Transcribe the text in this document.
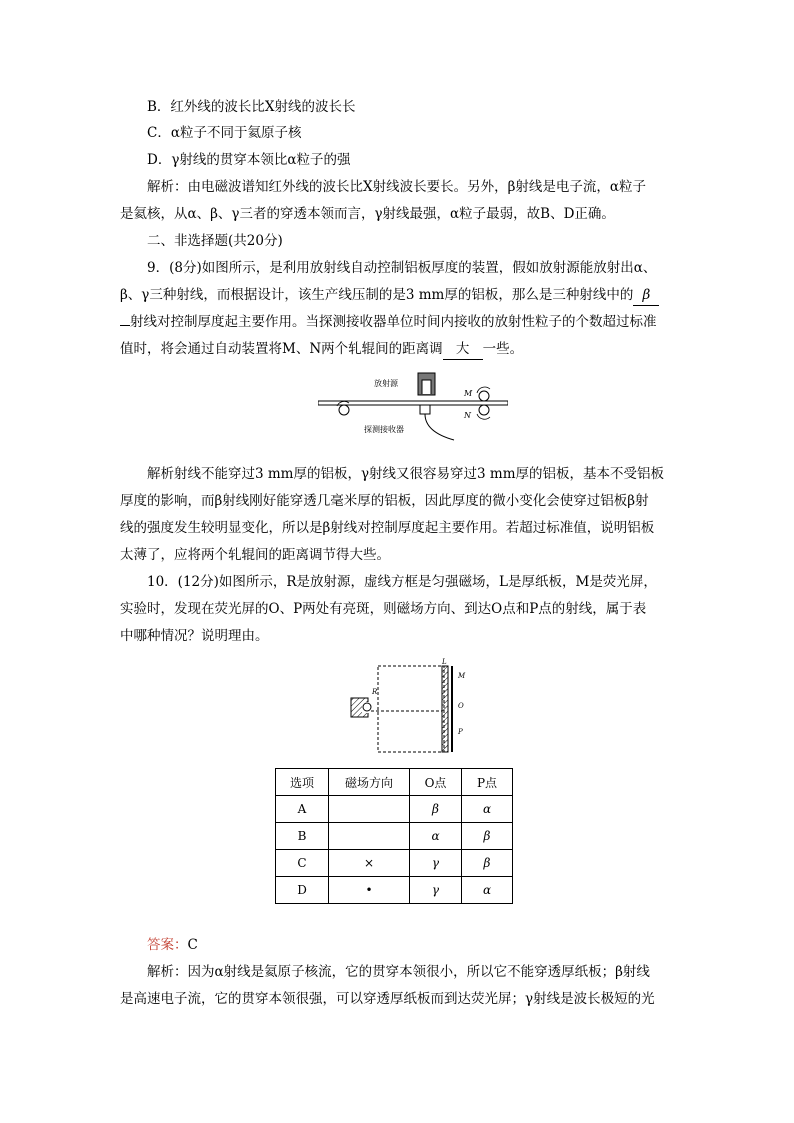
B．红外线的波长比X射线的波长长
C．α粒子不同于氦原子核
D．γ射线的贯穿本领比α粒子的强
解析：由电磁波谱知红外线的波长比X射线波长要长。另外，β射线是电子流，α粒子
是氦核，从α、β、γ三者的穿透本领而言，γ射线最强，α粒子最弱，故B、D正确。
二、非选择题(共20分)
9．(8分)如图所示，是利用放射线自动控制铝板厚度的装置，假如放射源能放射出α、
β、γ三种射线，而根据设计，该生产线压制的是3 mm厚的铝板，那么是三种射线中的 β
射线对控制厚度起主要作用。当探测接收器单位时间内接收的放射性粒子的个数超过标准
值时，将会通过自动装置将M、N两个轧辊间的距离调 大 一些。
放射源
探测接收器
M
N
解析射线不能穿过3 mm厚的铝板，γ射线又很容易穿过3 mm厚的铝板，基本不受铝板
厚度的影响，而β射线刚好能穿透几毫米厚的铝板，因此厚度的微小变化会使穿过铝板β射
线的强度发生较明显变化，所以是β射线对控制厚度起主要作用。若超过标准值，说明铝板
太薄了，应将两个轧辊间的距离调节得大些。
10．(12分)如图所示，R是放射源，虚线方框是匀强磁场，L是厚纸板，M是荧光屏，
实验时，发现在荧光屏的O、P两处有亮斑，则磁场方向、到达O点和P点的射线，属于表
中哪种情况？说明理由。
R
L
M
O
P
选项	磁场方向	O点	P点
A		β	α
B		α	β
C	×	γ	β
D	•	γ	α
答案：C
解析：因为α射线是氦原子核流，它的贯穿本领很小，所以它不能穿透厚纸板；β射线
是高速电子流，它的贯穿本领很强，可以穿透厚纸板而到达荧光屏；γ射线是波长极短的光
